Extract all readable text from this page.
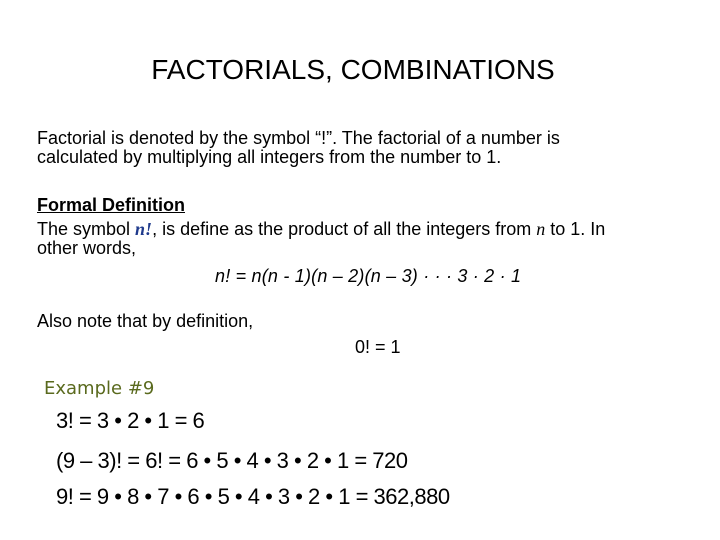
FACTORIALS, COMBINATIONS
Factorial is denoted by the symbol “!”. The factorial of a number is
calculated by multiplying all integers from the number to 1.
Formal Definition
The symbol n!, is define as the product of all the integers from n to 1. In
other words,
n! = n(n - 1)(n – 2)(n – 3) · · · 3 · 2 · 1
Also note that by definition,
0! = 1
Example #9
3! = 3 • 2 • 1 = 6
(9 – 3)! = 6! = 6 • 5 • 4 • 3 • 2 • 1 = 720
9! = 9 • 8 • 7 • 6 • 5 • 4 • 3 • 2 • 1 = 362,880
